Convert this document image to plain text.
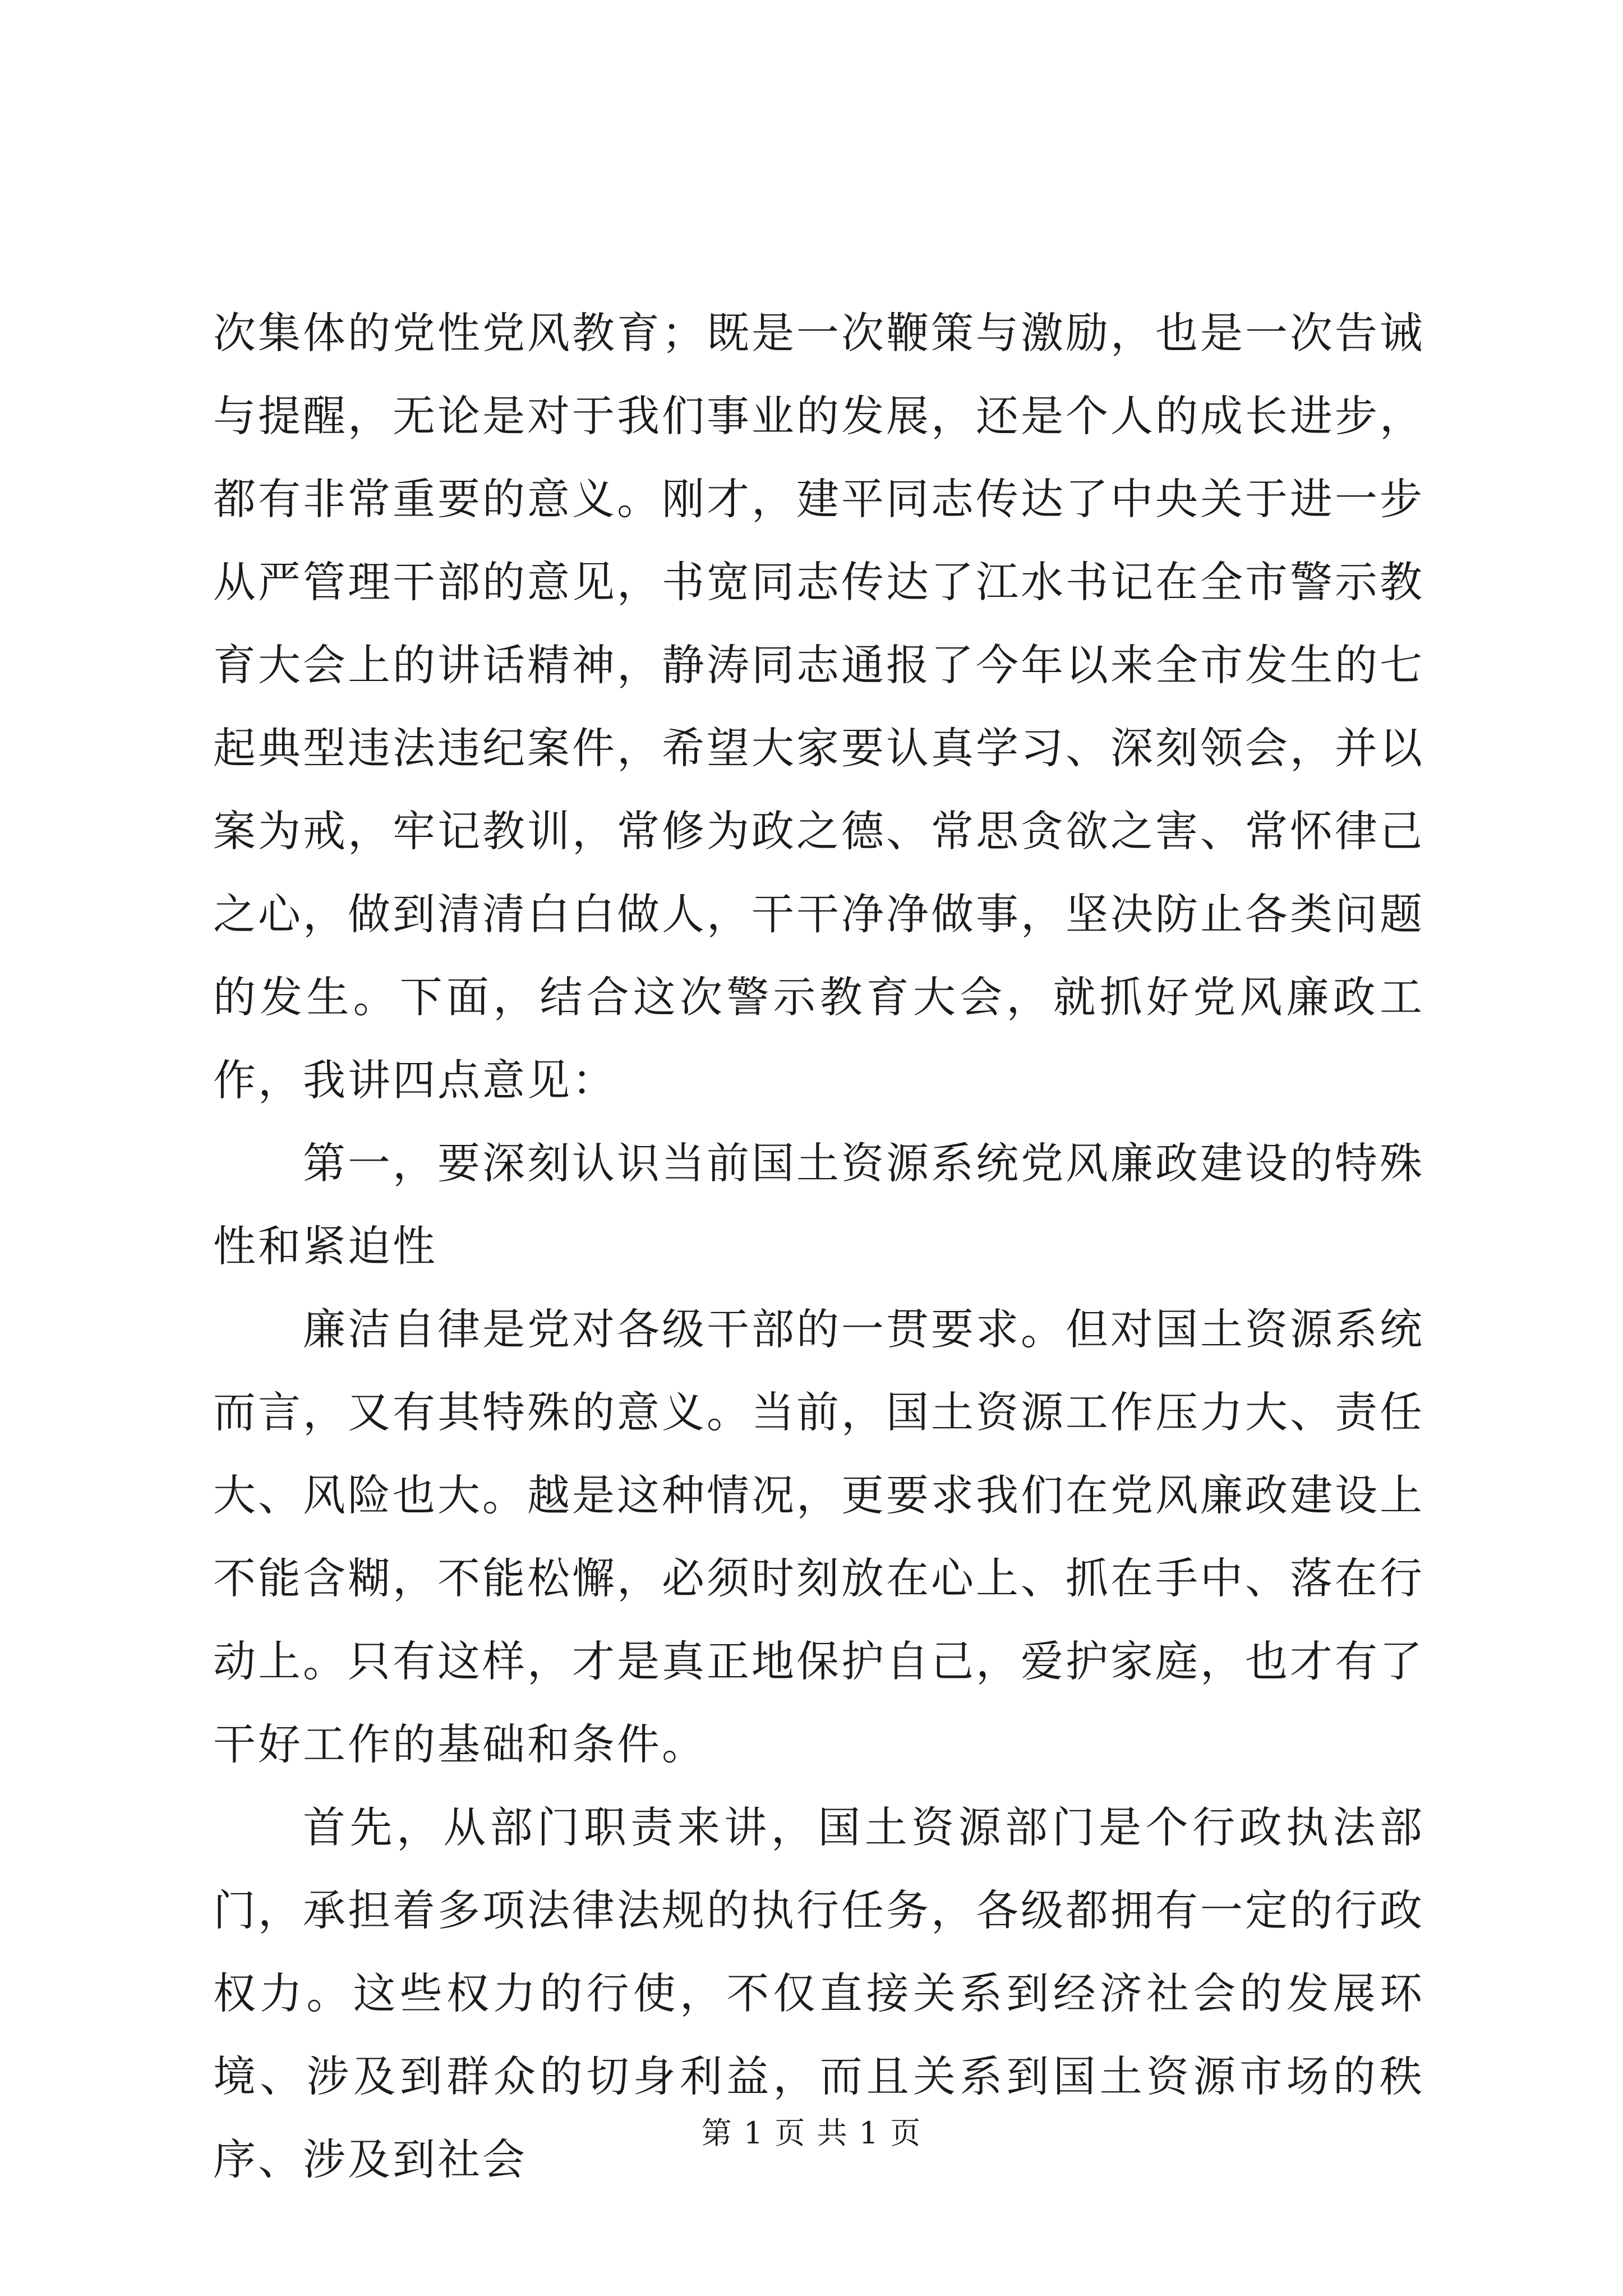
次集体的党性党风教育；既是一次鞭策与激励，也是一次告诫与提醒，无论是对于我们事业的发展，还是个人的成长进步，都有非常重要的意义。刚才，建平同志传达了中央关于进一步从严管理干部的意见，书宽同志传达了江水书记在全市警示教育大会上的讲话精神，静涛同志通报了今年以来全市发生的七起典型违法违纪案件，希望大家要认真学习、深刻领会，并以案为戒，牢记教训，常修为政之德、常思贪欲之害、常怀律己之心，做到清清白白做人，干干净净做事，坚决防止各类问题的发生。下面，结合这次警示教育大会，就抓好党风廉政工作，我讲四点意见：

第一，要深刻认识当前国土资源系统党风廉政建设的特殊性和紧迫性

廉洁自律是党对各级干部的一贯要求。但对国土资源系统而言，又有其特殊的意义。当前，国土资源工作压力大、责任大、风险也大。越是这种情况，更要求我们在党风廉政建设上不能含糊，不能松懈，必须时刻放在心上、抓在手中、落在行动上。只有这样，才是真正地保护自己，爱护家庭，也才有了干好工作的基础和条件。

首先，从部门职责来讲，国土资源部门是个行政执法部门，承担着多项法律法规的执行任务，各级都拥有一定的行政权力。这些权力的行使，不仅直接关系到经济社会的发展环境、涉及到群众的切身利益，而且关系到国土资源市场的秩序、涉及到社会

第 1 页 共 1 页
